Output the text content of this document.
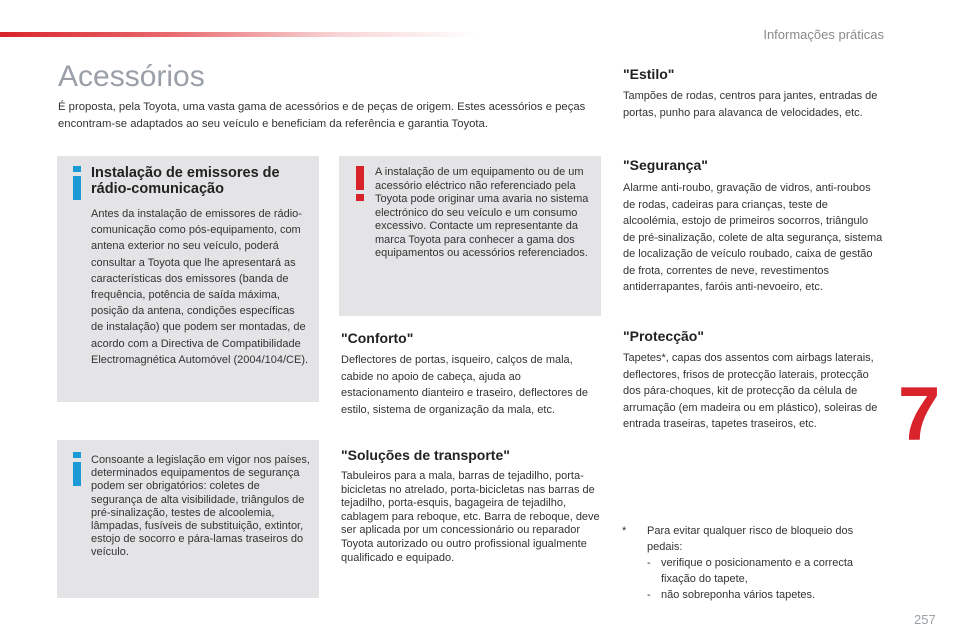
Informações práticas
Acessórios

É proposta, pela Toyota, uma vasta gama de acessórios e de peças de origem. Estes acessórios e peças encontram-se adaptados ao seu veículo e beneficiam da referência e garantia Toyota.

Instalação de emissores de rádio-comunicação

Antes da instalação de emissores de rádio-comunicação como pós-equipamento, com antena exterior no seu veículo, poderá consultar a Toyota que lhe apresentará as características dos emissores (banda de frequência, potência de saída máxima, posição da antena, condições específicas de instalação) que podem ser montadas, de acordo com a Directiva de Compatibilidade Electromagnética Automóvel (2004/104/CE).

A instalação de um equipamento ou de um acessório eléctrico não referenciado pela Toyota pode originar uma avaria no sistema electrónico do seu veículo e um consumo excessivo. Contacte um representante da marca Toyota para conhecer a gama dos equipamentos ou acessórios referenciados.

Consoante a legislação em vigor nos países, determinados equipamentos de segurança podem ser obrigatórios: coletes de segurança de alta visibilidade, triângulos de pré-sinalização, testes de alcoolemia, lâmpadas, fusíveis de substituição, extintor, estojo de socorro e pára-lamas traseiros do veículo.

"Conforto"

Deflectores de portas, isqueiro, calços de mala, cabide no apoio de cabeça, ajuda ao estacionamento dianteiro e traseiro, deflectores de estilo, sistema de organização da mala, etc.

"Soluções de transporte"

Tabuleiros para a mala, barras de tejadilho, porta-bicicletas no atrelado, porta-bicicletas nas barras de tejadilho, porta-esquis, bagageira de tejadilho, cablagem para reboque, etc. Barra de reboque, deve ser aplicada por um concessionário ou reparador Toyota autorizado ou outro profissional igualmente qualificado e equipado.

"Estilo"

Tampões de rodas, centros para jantes, entradas de portas, punho para alavanca de velocidades, etc.

"Segurança"

Alarme anti-roubo, gravação de vidros, anti-roubos de rodas, cadeiras para crianças, teste de alcoolémia, estojo de primeiros socorros, triângulo de pré-sinalização, colete de alta segurança, sistema de localização de veículo roubado, caixa de gestão de frota, correntes de neve, revestimentos antiderrapantes, faróis anti-nevoeiro, etc.

"Protecção"

Tapetes*, capas dos assentos com airbags laterais, deflectores, frisos de protecção laterais, protecção dos pára-choques, kit de protecção da célula de arrumação (em madeira ou em plástico), soleiras de entrada traseiras, tapetes traseiros, etc.	7
* Para evitar qualquer risco de bloqueio dos pedais:
- verifique o posicionamento e a correcta fixação do tapete,
- não sobreponha vários tapetes.
257
